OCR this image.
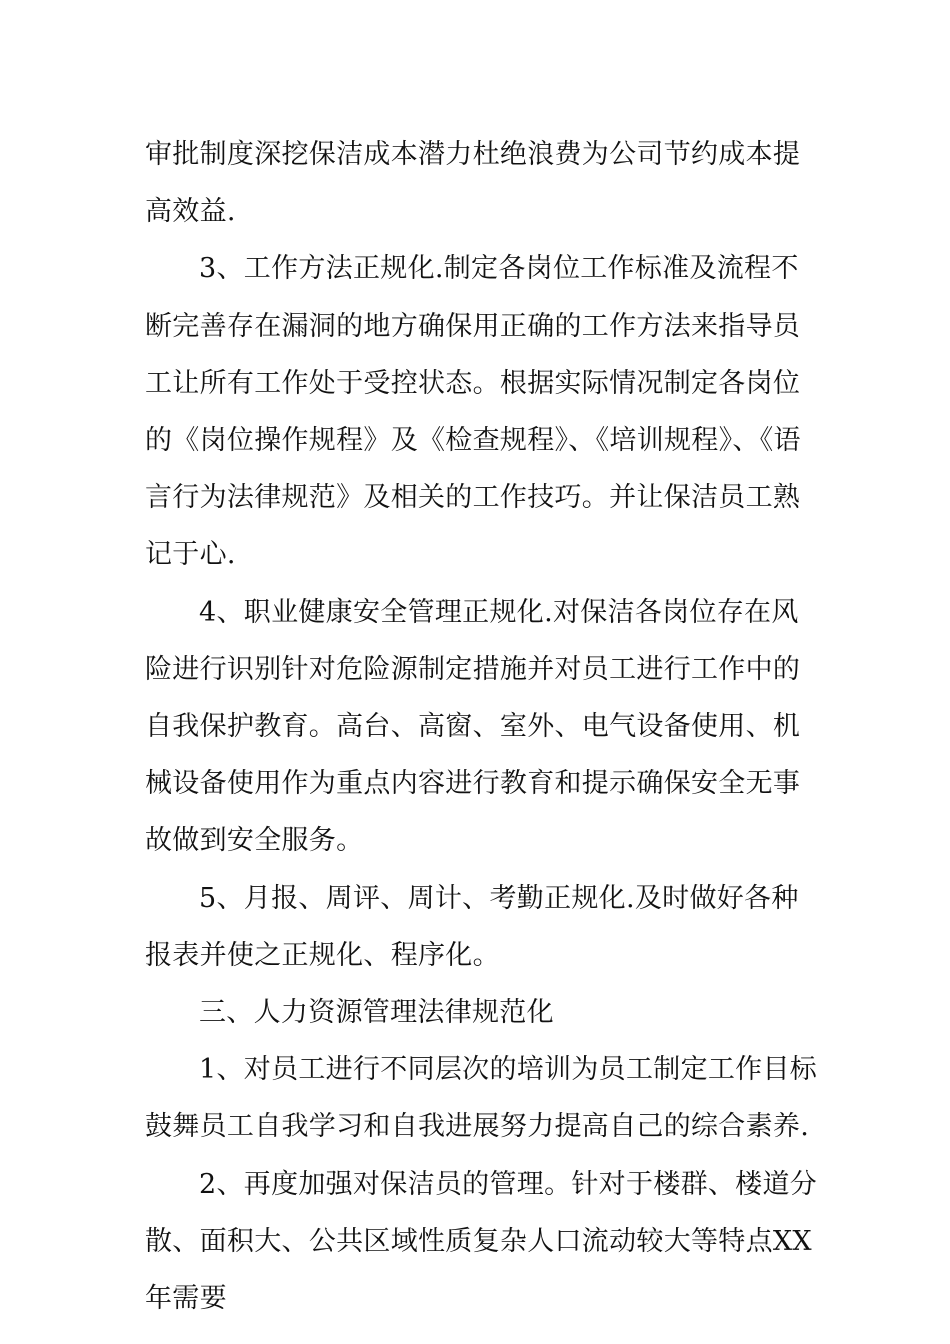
审批制度深挖保洁成本潜力杜绝浪费为公司节约成本提高效益.

3、工作方法正规化.制定各岗位工作标准及流程不断完善存在漏洞的地方确保用正确的工作方法来指导员工让所有工作处于受控状态。根据实际情况制定各岗位的《岗位操作规程》及《检查规程》、《培训规程》、《语言行为法律规范》及相关的工作技巧。并让保洁员工熟记于心.

4、职业健康安全管理正规化.对保洁各岗位存在风险进行识别针对危险源制定措施并对员工进行工作中的自我保护教育。高台、高窗、室外、电气设备使用、机械设备使用作为重点内容进行教育和提示确保安全无事故做到安全服务。

5、月报、周评、周计、考勤正规化.及时做好各种报表并使之正规化、程序化。

三、人力资源管理法律规范化

1、对员工进行不同层次的培训为员工制定工作目标鼓舞员工自我学习和自我进展努力提高自己的综合素养.

2、再度加强对保洁员的管理。针对于楼群、楼道分散、面积大、公共区域性质复杂人口流动较大等特点XX年需要
